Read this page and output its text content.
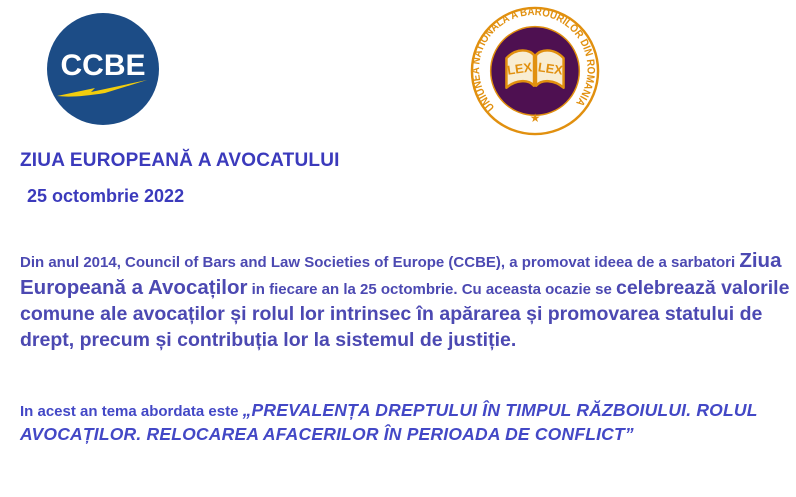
CCBE
UNIUNEA NATIONALA A BAROURILOR DIN ROMANIA
★
LEX LEX
ZIUA EUROPEANĂ A AVOCATULUI
25 octombrie 2022

Din anul 2014, Council of Bars and Law Societies of Europe (CCBE), a promovat ideea de a sarbatori Ziua Europeană a Avocaților in fiecare an la 25 octombrie. Cu aceasta ocazie se celebrează valorile comune ale avocaților și rolul lor intrinsec în apărarea și promovarea statului de drept, precum și contribuția lor la sistemul de justiție.

In acest an tema abordata este „PREVALENȚA DREPTULUI ÎN TIMPUL RĂZBOIULUI. ROLUL AVOCAȚILOR. RELOCAREA AFACERILOR ÎN PERIOADA DE CONFLICT”
